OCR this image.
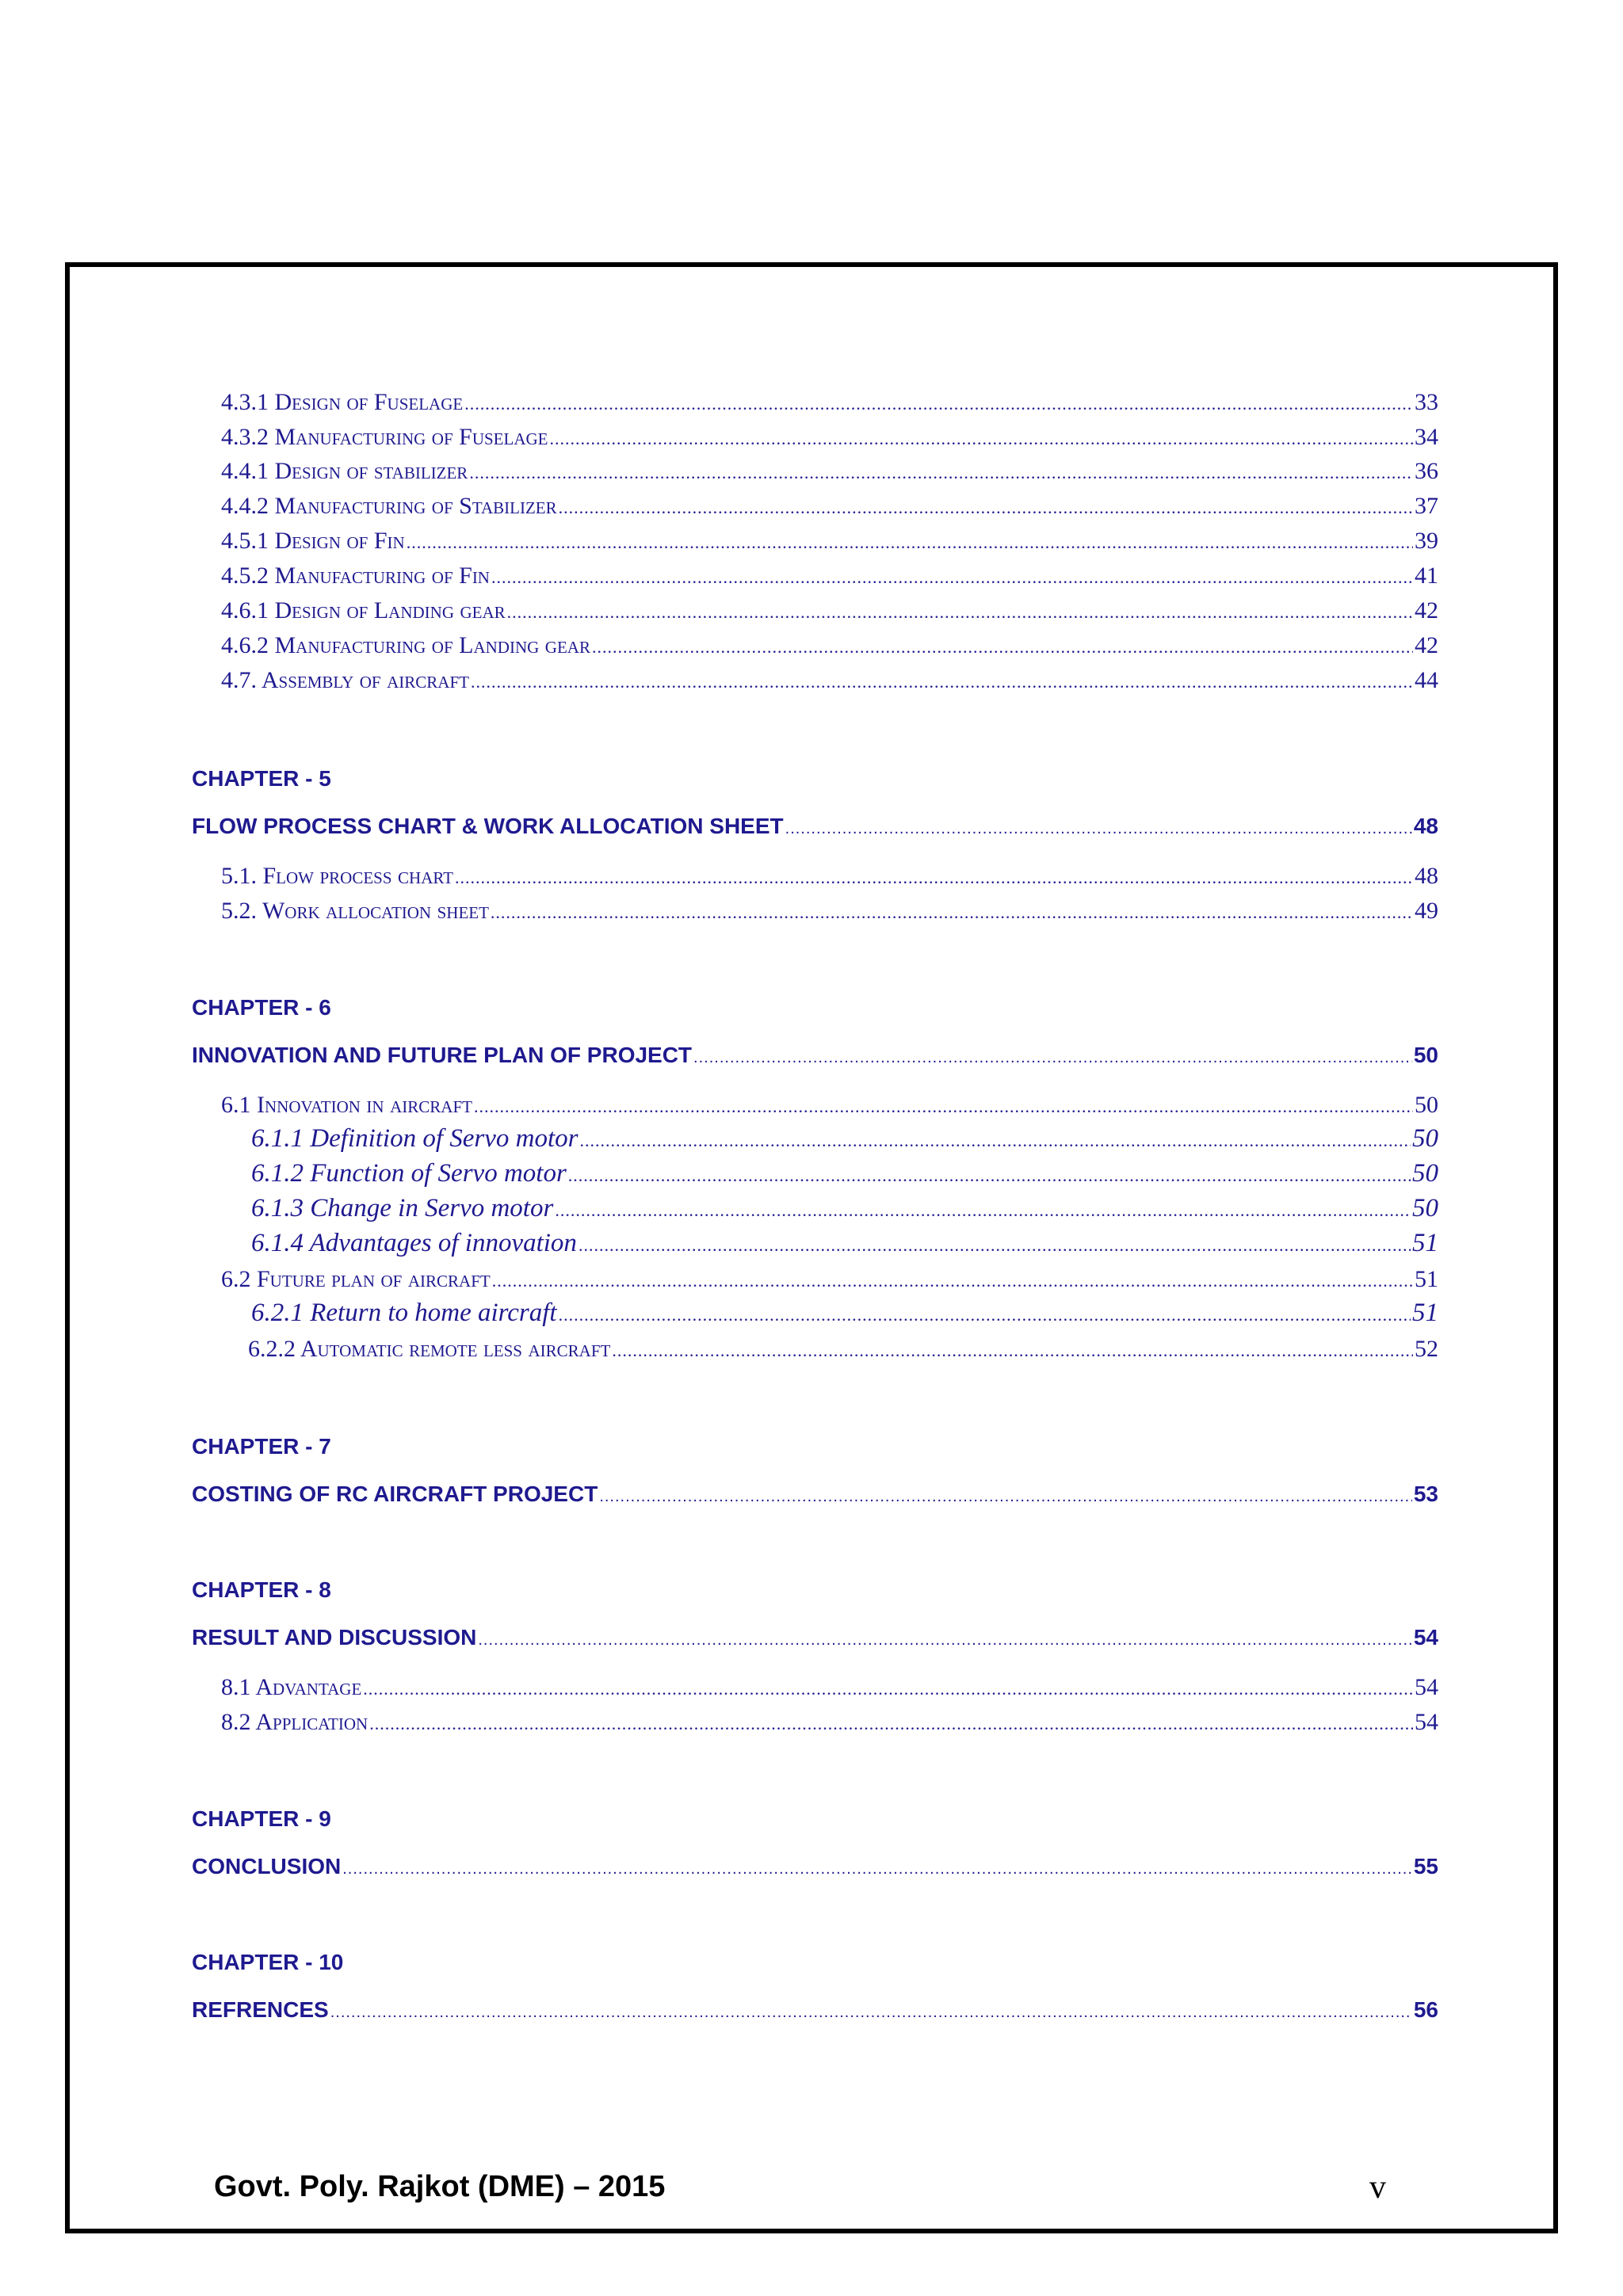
4.3.1 Design of Fuselage .....	33
4.3.2 Manufacturing of Fuselage .....	34
4.4.1 Design of stabilizer .....	36
4.4.2 Manufacturing of Stabilizer .....	37
4.5.1 Design of Fin .....	39
4.5.2 Manufacturing of Fin .....	41
4.6.1 Design of Landing gear .....	42
4.6.2 Manufacturing of Landing gear .....	42
4.7. Assembly of aircraft .....	44
CHAPTER - 5
FLOW PROCESS CHART & WORK ALLOCATION SHEET .....	48
5.1. Flow process chart .....	48
5.2. Work allocation sheet .....	49
CHAPTER - 6
INNOVATION AND FUTURE PLAN OF PROJECT .....	50
6.1 Innovation in aircraft .....	50
6.1.1 Definition of Servo motor .....	50
6.1.2 Function of Servo motor .....	50
6.1.3 Change in Servo motor .....	50
6.1.4 Advantages of innovation .....	51
6.2 Future plan of aircraft .....	51
6.2.1 Return to home aircraft .....	51
6.2.2 Automatic remote less aircraft .....	52
CHAPTER - 7
COSTING OF RC AIRCRAFT PROJECT .....	53
CHAPTER - 8
RESULT AND DISCUSSION .....	54
8.1 Advantage .....	54
8.2 Application .....	54
CHAPTER - 9
CONCLUSION .....	55
CHAPTER - 10
REFRENCES .....	56
Govt. Poly. Rajkot (DME) – 2015	v
